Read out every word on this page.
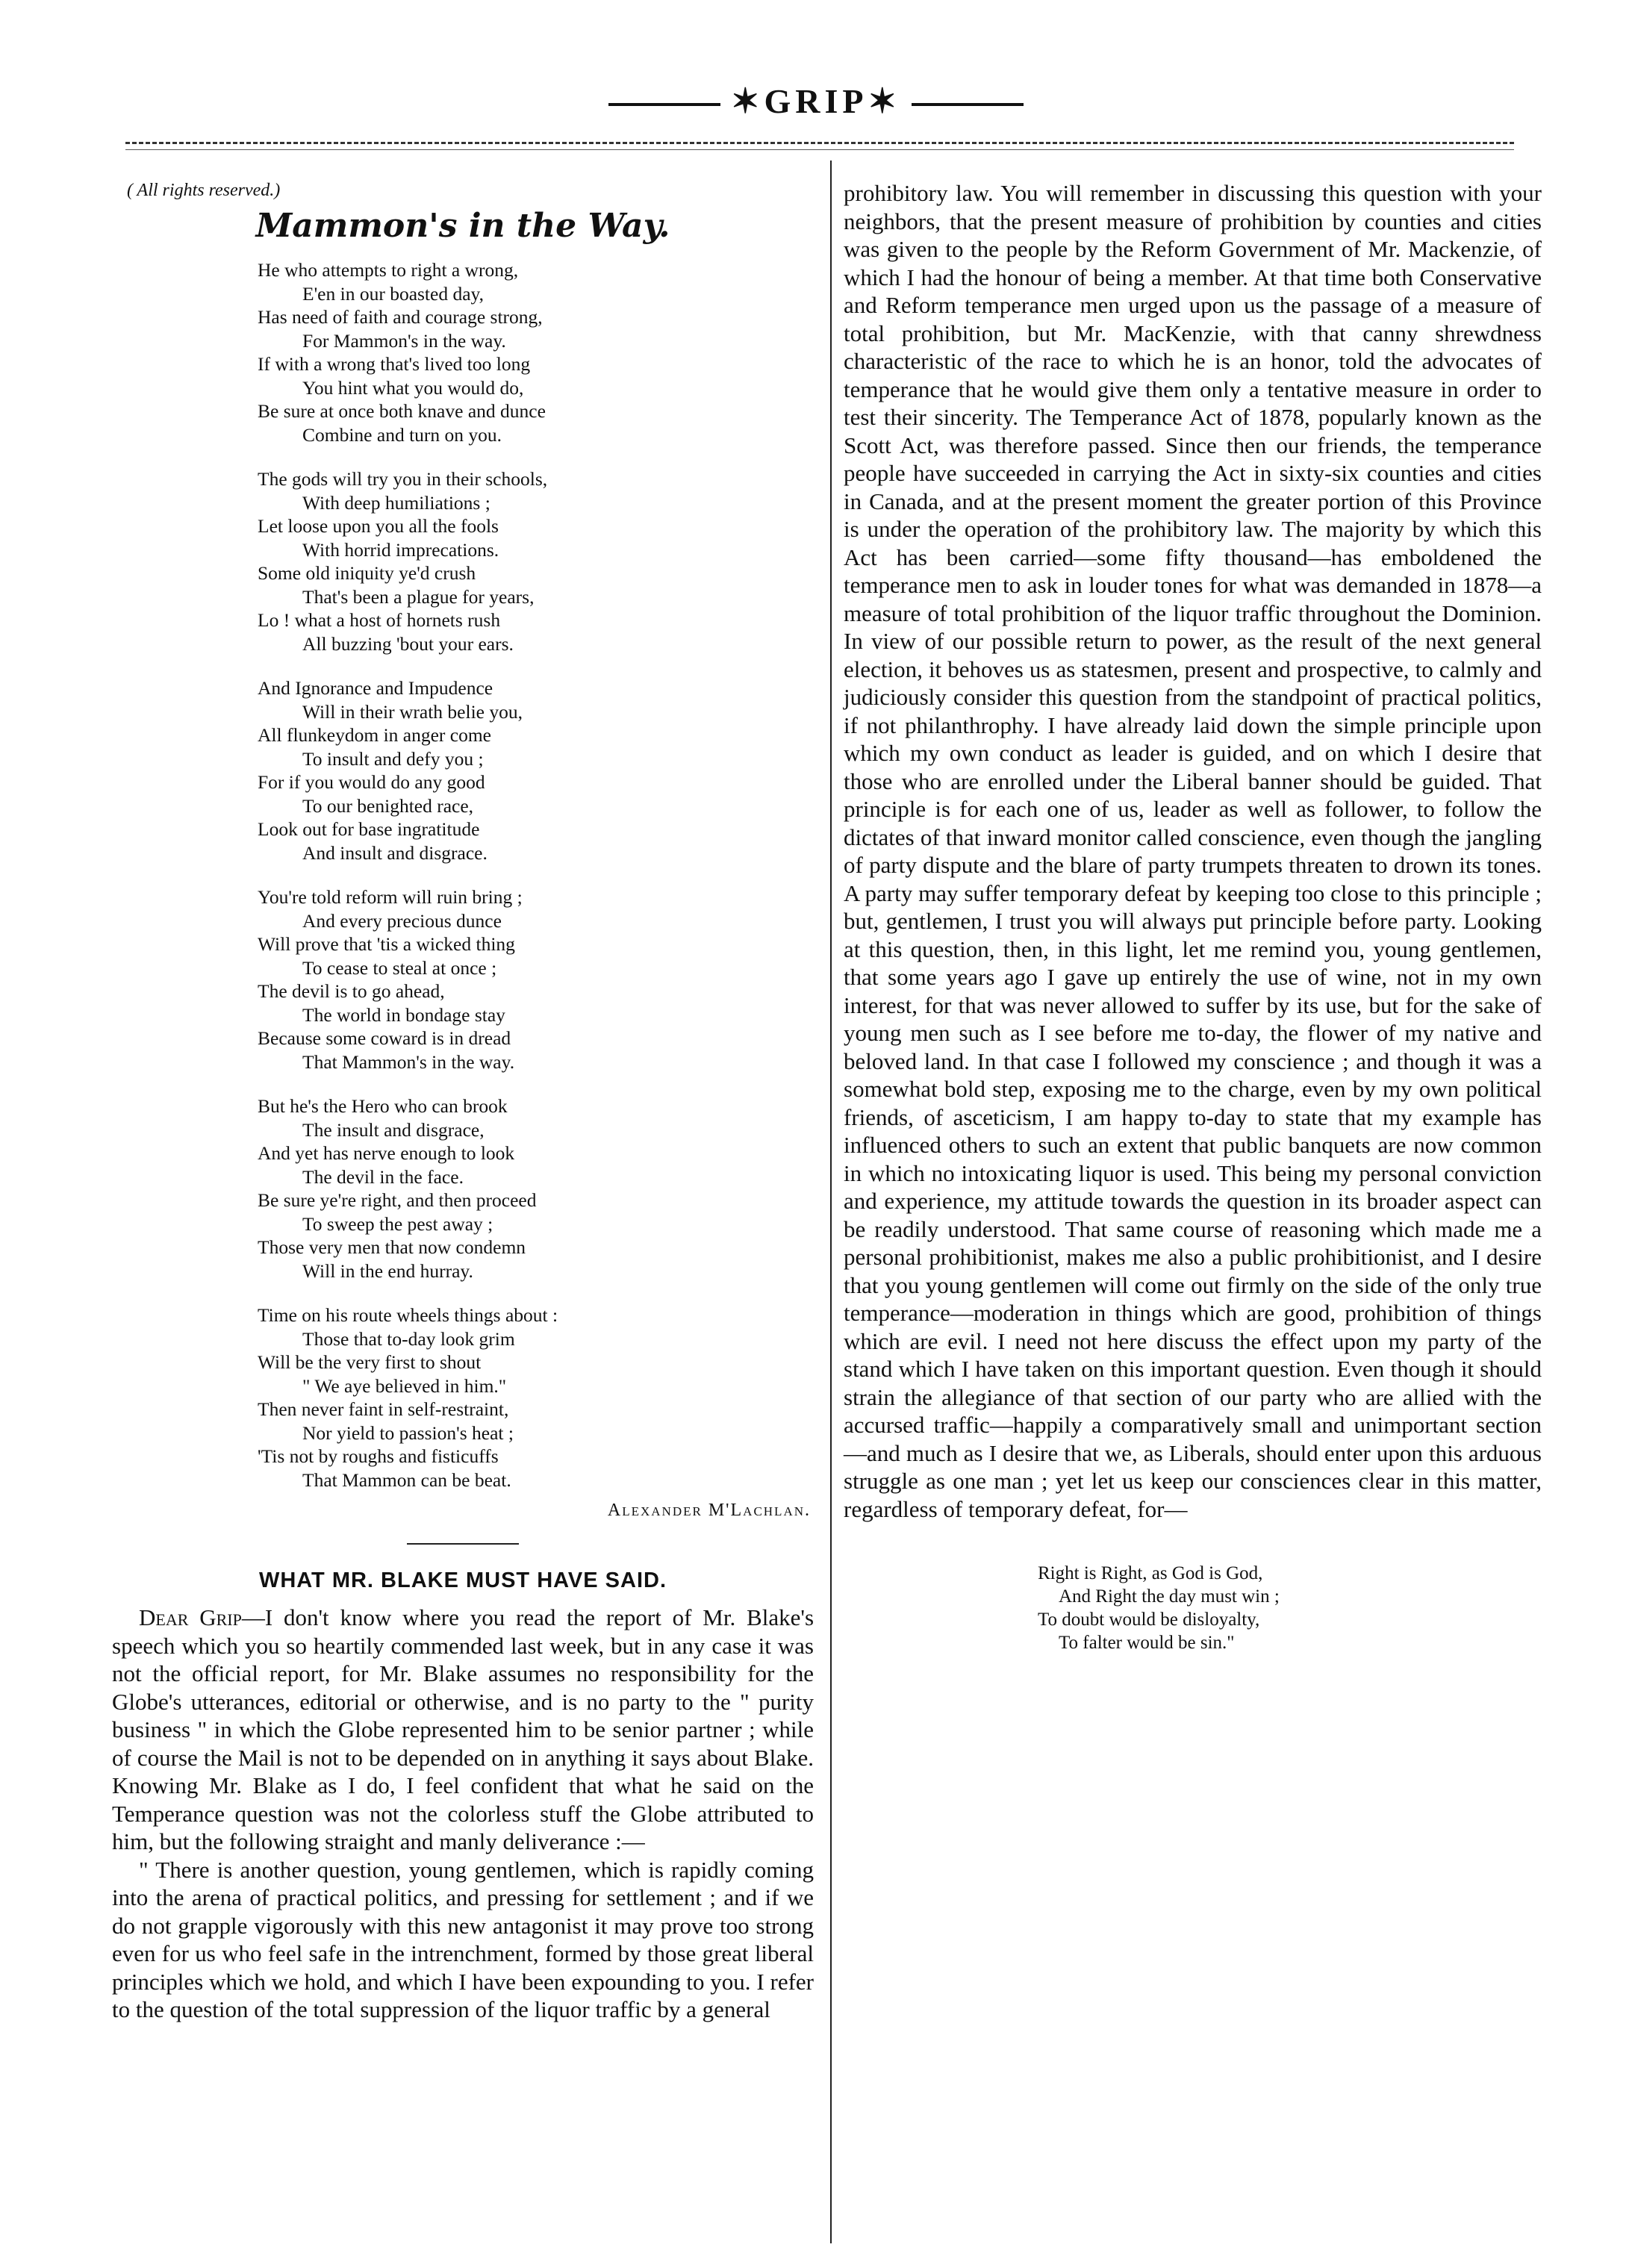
✶GRIP✶
( All rights reserved.)
Mammon's in the Way.
He who attempts to right a wrong,
E'en in our boasted day,
Has need of faith and courage strong,
For Mammon's in the way.
If with a wrong that's lived too long
You hint what you would do,
Be sure at once both knave and dunce
Combine and turn on you.
The gods will try you in their schools,
With deep humiliations ;
Let loose upon you all the fools
With horrid imprecations.
Some old iniquity ye'd crush
That's been a plague for years,
Lo ! what a host of hornets rush
All buzzing 'bout your ears.
And Ignorance and Impudence
Will in their wrath belie you,
All flunkeydom in anger come
To insult and defy you ;
For if you would do any good
To our benighted race,
Look out for base ingratitude
And insult and disgrace.
You're told reform will ruin bring ;
And every precious dunce
Will prove that 'tis a wicked thing
To cease to steal at once ;
The devil is to go ahead,
The world in bondage stay
Because some coward is in dread
That Mammon's in the way.
But he's the Hero who can brook
The insult and disgrace,
And yet has nerve enough to look
The devil in the face.
Be sure ye're right, and then proceed
To sweep the pest away ;
Those very men that now condemn
Will in the end hurray.
Time on his route wheels things about :
Those that to-day look grim
Will be the very first to shout
" We aye believed in him."
Then never faint in self-restraint,
Nor yield to passion's heat ;
'Tis not by roughs and fisticuffs
That Mammon can be beat.
Alexander M'Lachlan.
WHAT MR. BLAKE MUST HAVE SAID.

Dear Grip—I don't know where you read the report of Mr. Blake's speech which you so heartily commended last week, but in any case it was not the official report, for Mr. Blake assumes no responsibility for the Globe's utterances, editorial or otherwise, and is no party to the " purity business " in which the Globe represented him to be senior partner ; while of course the Mail is not to be depended on in anything it says about Blake. Knowing Mr. Blake as I do, I feel confident that what he said on the Temperance question was not the colorless stuff the Globe attributed to him, but the following straight and manly deliverance :—

" There is another question, young gentlemen, which is rapidly coming into the arena of practical politics, and pressing for settlement ; and if we do not grapple vigorously with this new antagonist it may prove too strong even for us who feel safe in the intrenchment, formed by those great liberal principles which we hold, and which I have been expounding to you. I refer to the question of the total suppression of the liquor traffic by a general

prohibitory law. You will remember in discussing this question with your neighbors, that the present measure of prohibition by counties and cities was given to the people by the Reform Government of Mr. Mackenzie, of which I had the honour of being a member. At that time both Conservative and Reform temperance men urged upon us the passage of a measure of total prohibition, but Mr. MacKenzie, with that canny shrewdness characteristic of the race to which he is an honor, told the advocates of temperance that he would give them only a tentative measure in order to test their sincerity. The Temperance Act of 1878, popularly known as the Scott Act, was therefore passed. Since then our friends, the temperance people have succeeded in carrying the Act in sixty-six counties and cities in Canada, and at the present moment the greater portion of this Province is under the operation of the prohibitory law. The majority by which this Act has been carried—some fifty thousand—has emboldened the temperance men to ask in louder tones for what was demanded in 1878—a measure of total prohibition of the liquor traffic throughout the Dominion. In view of our possible return to power, as the result of the next general election, it behoves us as statesmen, present and prospective, to calmly and judiciously consider this question from the standpoint of practical politics, if not philanthrophy. I have already laid down the simple principle upon which my own conduct as leader is guided, and on which I desire that those who are enrolled under the Liberal banner should be guided. That principle is for each one of us, leader as well as follower, to follow the dictates of that inward monitor called conscience, even though the jangling of party dispute and the blare of party trumpets threaten to drown its tones. A party may suffer temporary defeat by keeping too close to this principle ; but, gentlemen, I trust you will always put principle before party. Looking at this question, then, in this light, let me remind you, young gentlemen, that some years ago I gave up entirely the use of wine, not in my own interest, for that was never allowed to suffer by its use, but for the sake of young men such as I see before me to-day, the flower of my native and beloved land. In that case I followed my conscience ; and though it was a somewhat bold step, exposing me to the charge, even by my own political friends, of asceticism, I am happy to-day to state that my example has influenced others to such an extent that public banquets are now common in which no intoxicating liquor is used. This being my personal conviction and experience, my attitude towards the question in its broader aspect can be readily understood. That same course of reasoning which made me a personal prohibitionist, makes me also a public prohibitionist, and I desire that you young gentlemen will come out firmly on the side of the only true temperance—moderation in things which are good, prohibition of things which are evil. I need not here discuss the effect upon my party of the stand which I have taken on this important question. Even though it should strain the allegiance of that section of our party who are allied with the accursed traffic—happily a comparatively small and unimportant section—and much as I desire that we, as Liberals, should enter upon this arduous struggle as one man ; yet let us keep our consciences clear in this matter, regardless of temporary defeat, for—

Right is Right, as God is God,
And Right the day must win ;
To doubt would be disloyalty,
To falter would be sin."
